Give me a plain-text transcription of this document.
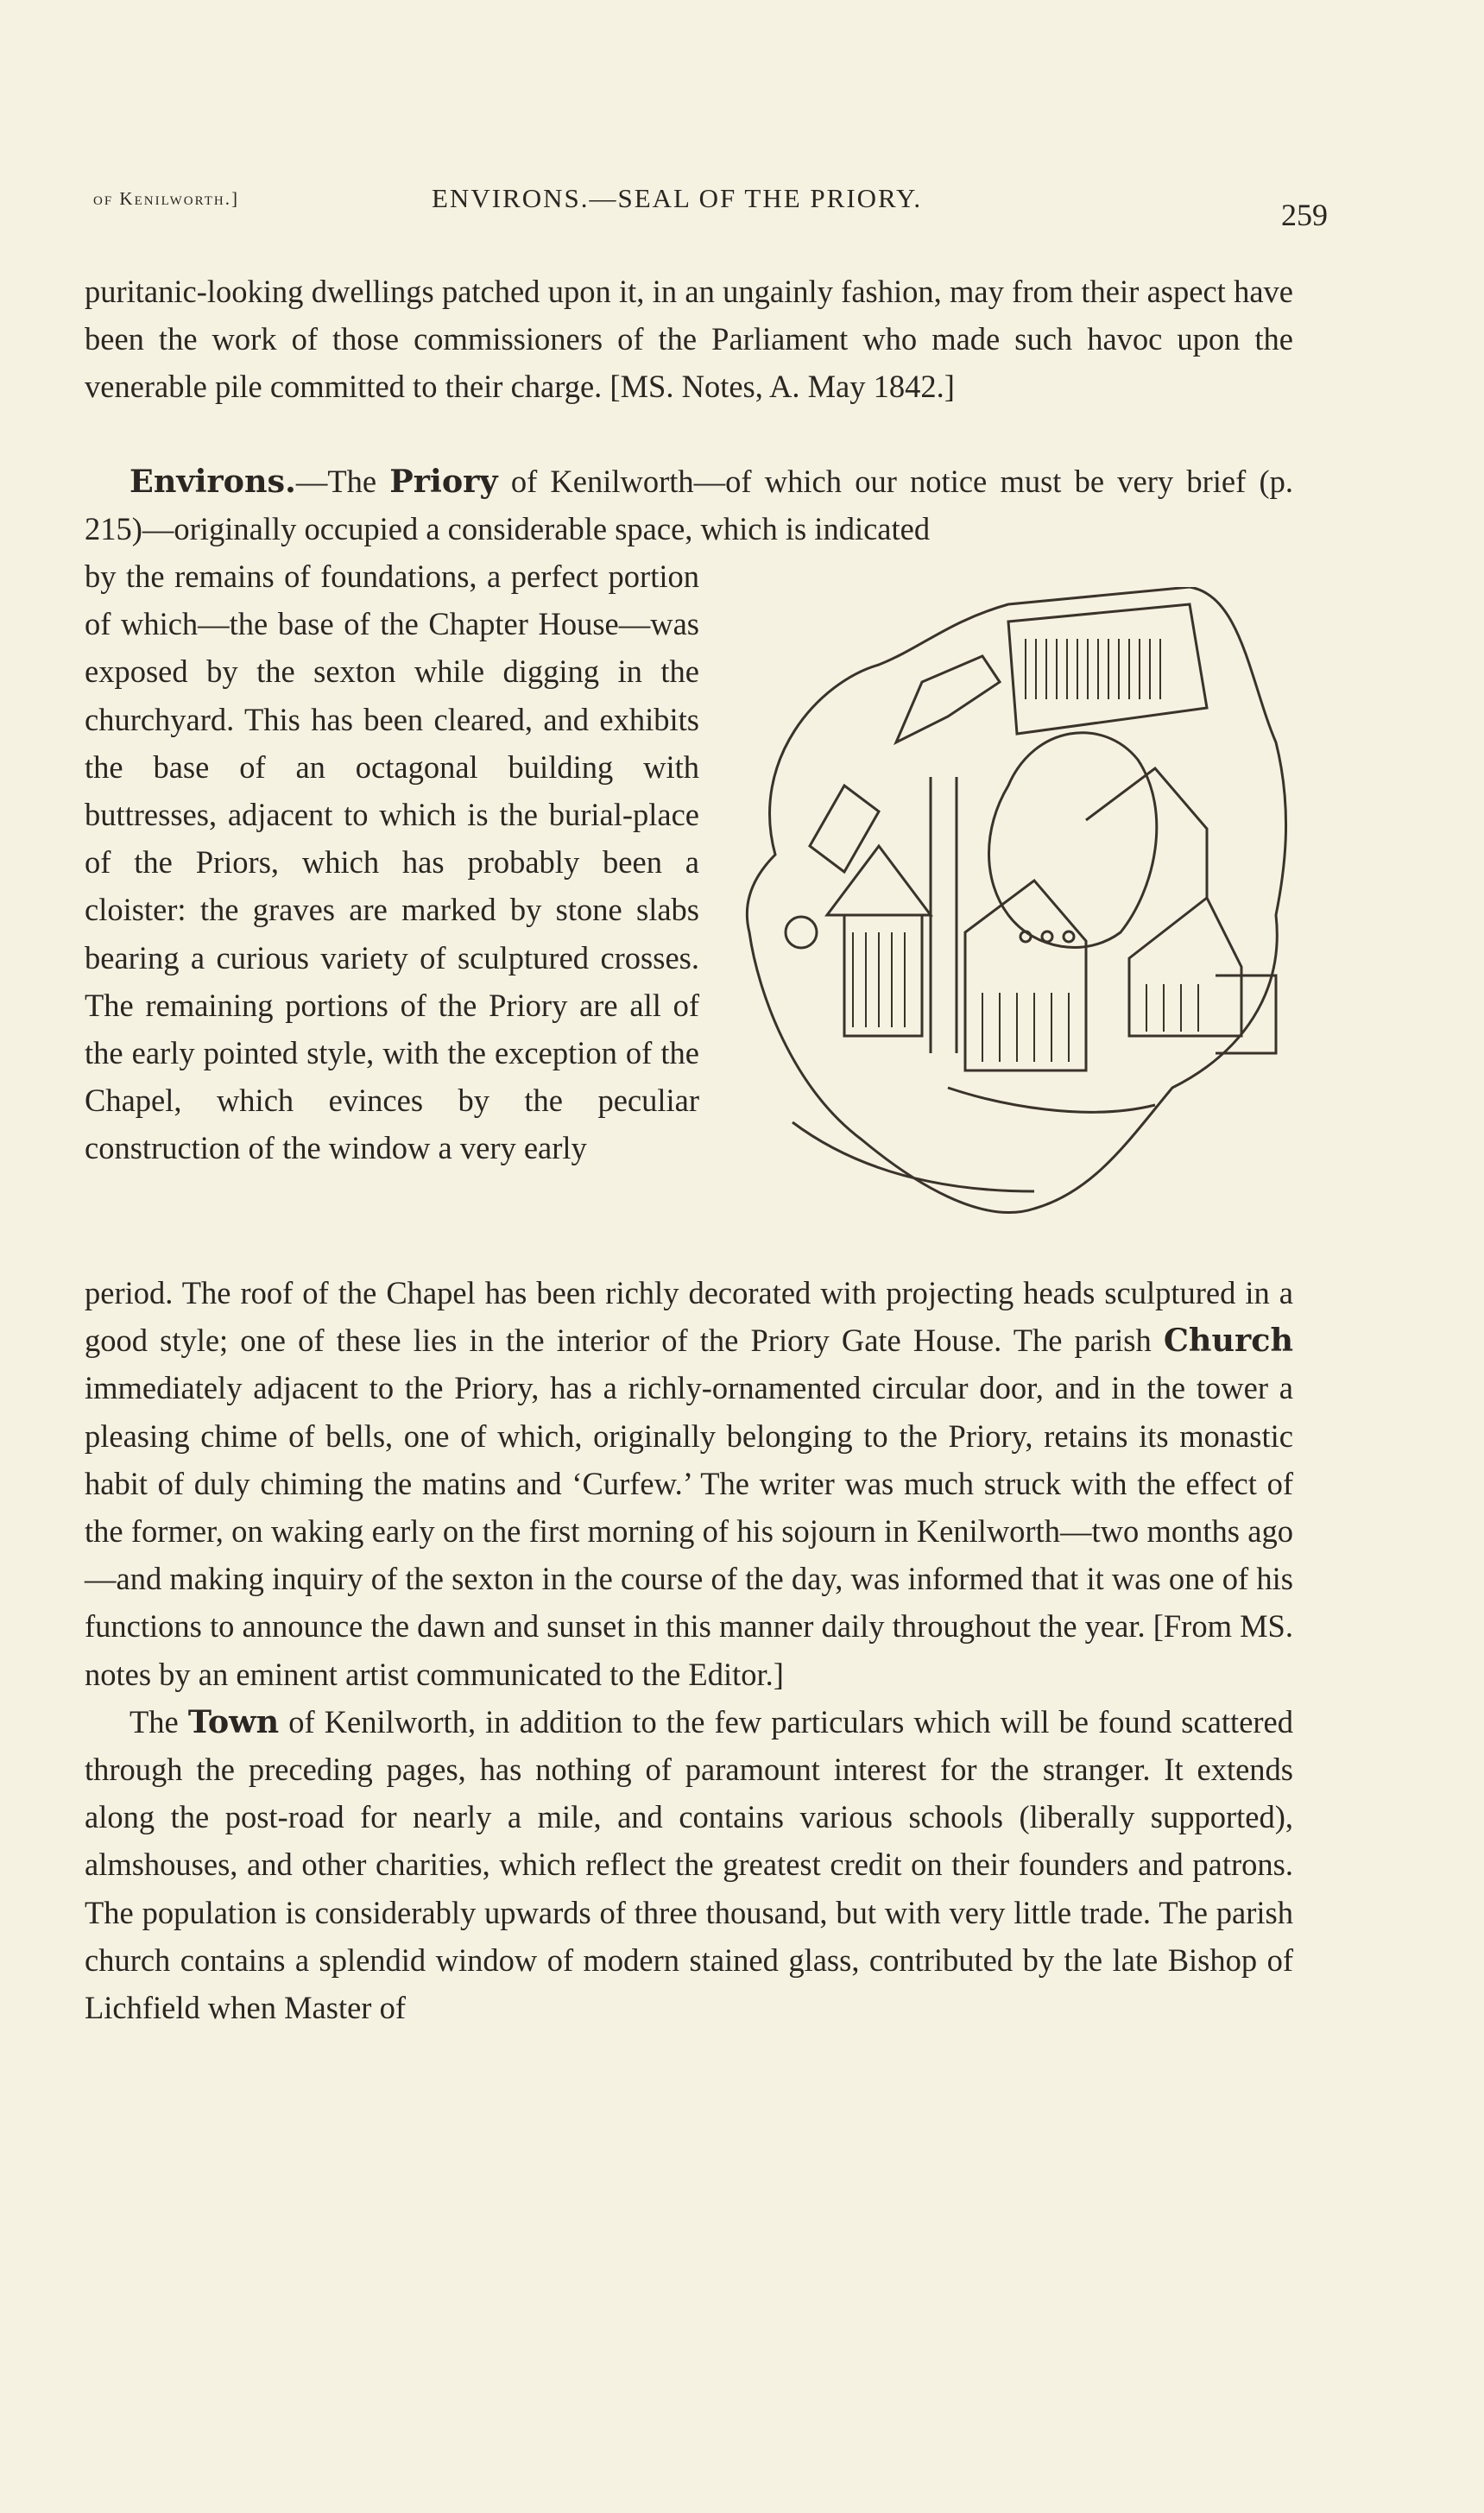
of Kenilworth.]	ENVIRONS.—SEAL OF THE PRIORY.	259

puritanic-looking dwellings patched upon it, in an ungainly fashion, may from their aspect have been the work of those commissioners of the Parliament who made such havoc upon the venerable pile committed to their charge. [MS. Notes, A. May 1842.]

Environs.—The Priory of Kenilworth—of which our notice must be very brief (p. 215)—originally occupied a considerable space, which is indicated

by the remains of foundations, a perfect portion of which—the base of the Chapter House—was exposed by the sexton while digging in the churchyard. This has been cleared, and exhibits the base of an octagonal building with buttresses, adjacent to which is the burial-place of the Priors, which has probably been a cloister: the graves are marked by stone slabs bearing a curious variety of sculptured crosses. The remaining portions of the Priory are all of the early pointed style, with the exception of the Chapel, which evinces by the peculiar construction of the window a very early

period. The roof of the Chapel has been richly decorated with projecting heads sculptured in a good style; one of these lies in the interior of the Priory Gate House. The parish Church immediately adjacent to the Priory, has a richly-ornamented circular door, and in the tower a pleasing chime of bells, one of which, originally belonging to the Priory, retains its monastic habit of duly chiming the matins and ‘Curfew.’ The writer was much struck with the effect of the former, on waking early on the first morning of his sojourn in Kenilworth—two months ago—and making inquiry of the sexton in the course of the day, was informed that it was one of his functions to announce the dawn and sunset in this manner daily throughout the year. [From MS. notes by an eminent artist communicated to the Editor.]

The Town of Kenilworth, in addition to the few particulars which will be found scattered through the preceding pages, has nothing of paramount interest for the stranger. It extends along the post-road for nearly a mile, and contains various schools (liberally supported), almshouses, and other charities, which reflect the greatest credit on their founders and patrons. The population is considerably upwards of three thousand, but with very little trade. The parish church contains a splendid window of modern stained glass, contributed by the late Bishop of Lichfield when Master of
